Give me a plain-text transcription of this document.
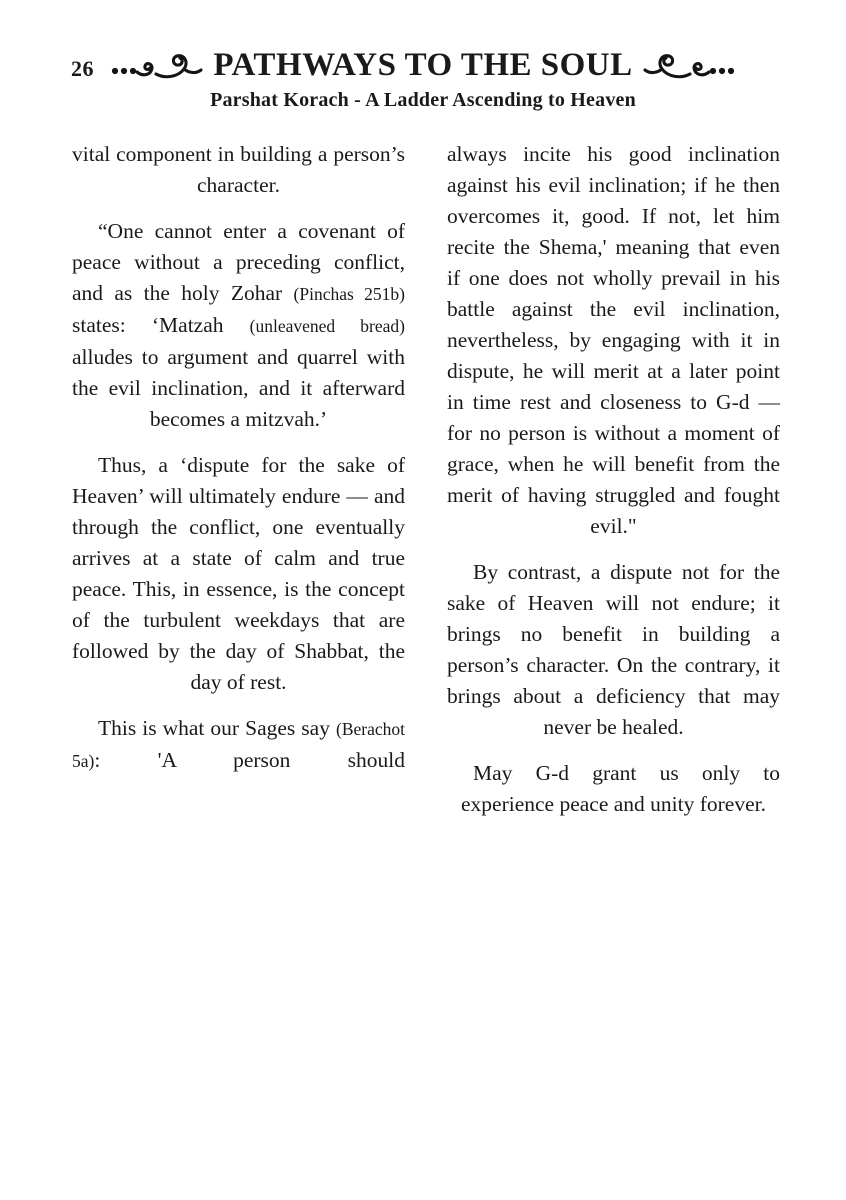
26	PATHWAYS TO THE SOUL
Parshat Korach - A Ladder Ascending to Heaven

vital component in building a person’s character.

“One cannot enter a covenant of peace without a preceding conflict, and as the holy Zohar (Pinchas 251b) states: ‘Matzah (unleavened bread) alludes to argument and quarrel with the evil inclination, and it afterward becomes a mitzvah.’

Thus, a ‘dispute for the sake of Heaven’ will ultimately endure — and through the conflict, one eventually arrives at a state of calm and true peace. This, in essence, is the concept of the turbulent weekdays that are followed by the day of Shabbat, the day of rest.

This is what our Sages say (Berachot 5a): 'A person should

always incite his good inclination against his evil inclination; if he then overcomes it, good. If not, let him recite the Shema,' meaning that even if one does not wholly prevail in his battle against the evil inclination, nevertheless, by engaging with it in dispute, he will merit at a later point in time rest and closeness to G-d — for no person is without a moment of grace, when he will benefit from the merit of having struggled and fought evil."

By contrast, a dispute not for the sake of Heaven will not endure; it brings no benefit in building a person’s character. On the contrary, it brings about a deficiency that may never be healed.

May G-d grant us only to experience peace and unity forever.
